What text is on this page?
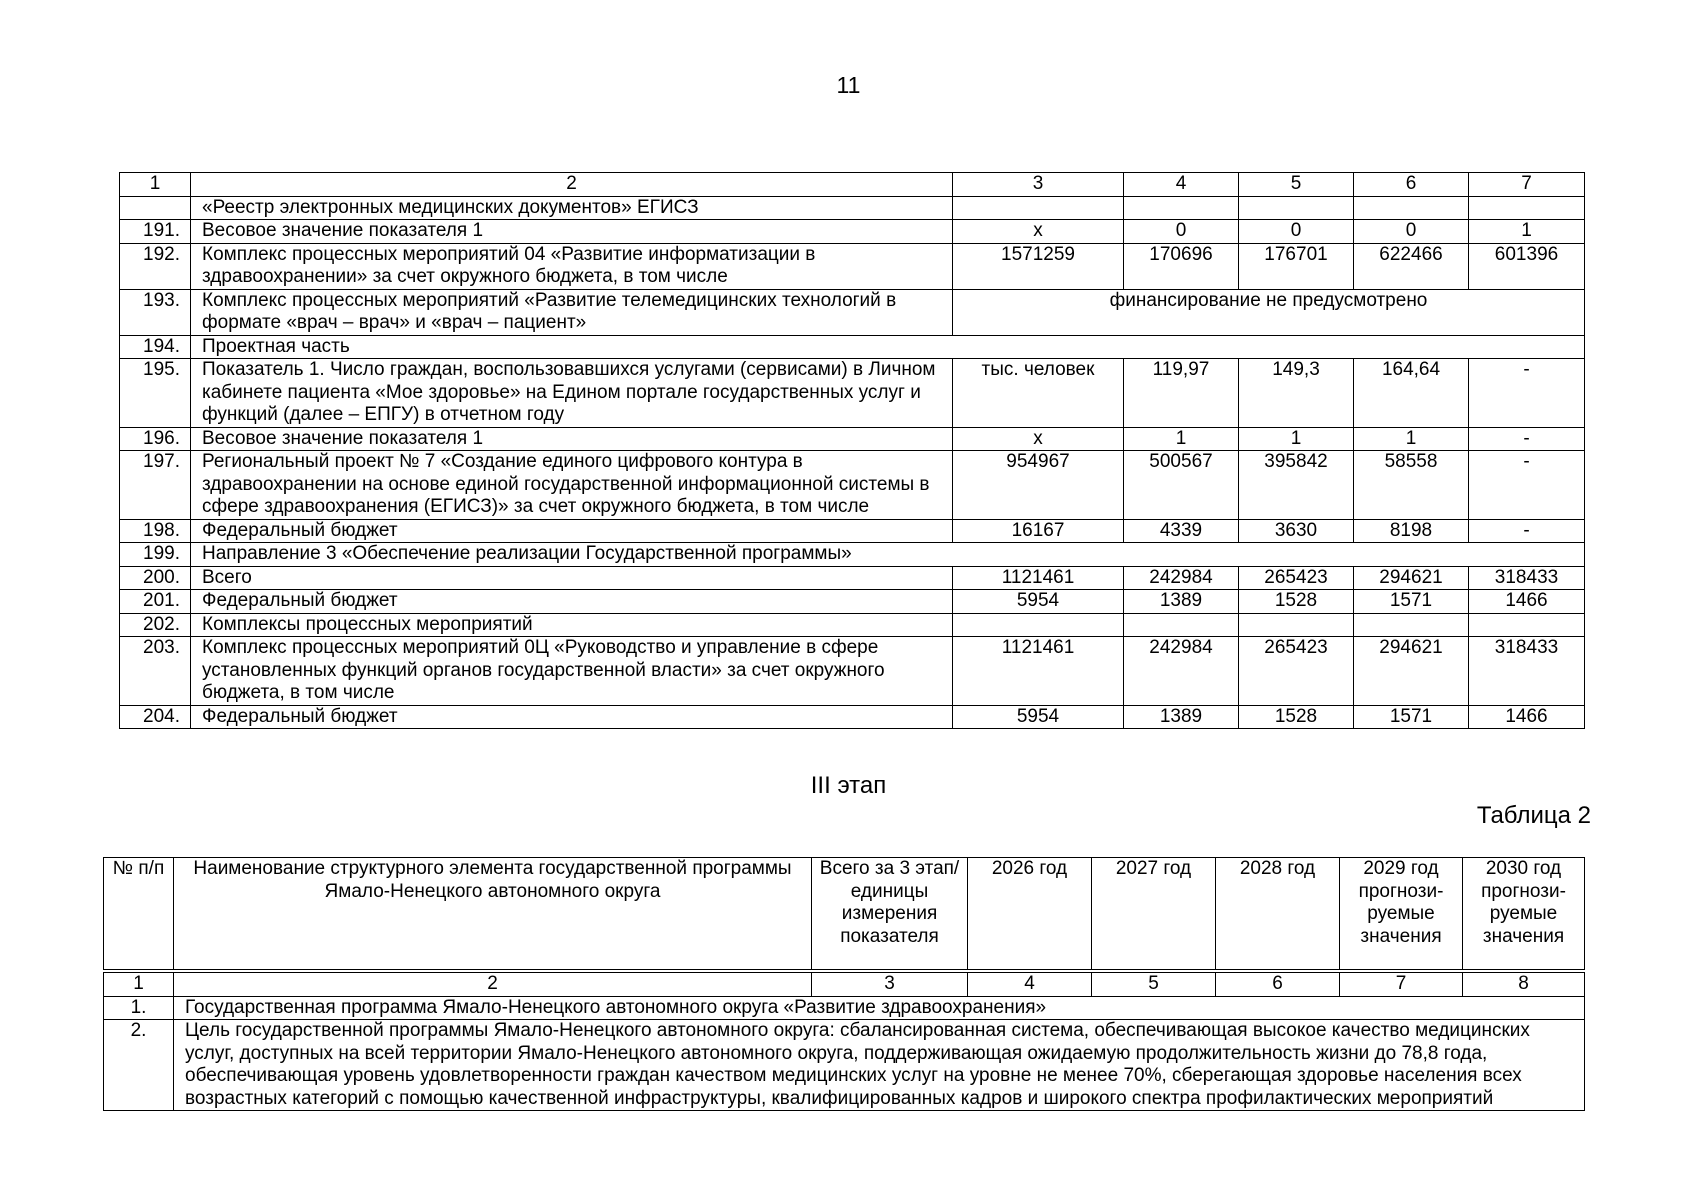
11
1	2	3	4	5	6	7
	«Реестр электронных медицинских документов» ЕГИСЗ					
191.	Весовое значение показателя 1	х	0	0	0	1
192.	Комплекс процессных мероприятий 04 «Развитие информатизации в здравоохранении» за счет окружного бюджета, в том числе	1571259	170696	176701	622466	601396
193.	Комплекс процессных мероприятий «Развитие телемедицинских технологий в формате «врач – врач» и «врач – пациент»	финансирование не предусмотрено				
194.	Проектная часть					
195.	Показатель 1. Число граждан, воспользовавшихся услугами (сервисами) в Личном кабинете пациента «Мое здоровье» на Едином портале государственных услуг и функций (далее – ЕПГУ) в отчетном году	тыс. человек	119,97	149,3	164,64	-
196.	Весовое значение показателя 1	х	1	1	1	-
197.	Региональный проект № 7 «Создание единого цифрового контура в здравоохранении на основе единой государственной информационной системы в сфере здравоохранения (ЕГИСЗ)» за счет окружного бюджета, в том числе	954967	500567	395842	58558	-
198.	Федеральный бюджет	16167	4339	3630	8198	-
199.	Направление 3 «Обеспечение реализации Государственной программы»					
200.	Всего	1121461	242984	265423	294621	318433
201.	Федеральный бюджет	5954	1389	1528	1571	1466
202.	Комплексы процессных мероприятий					
203.	Комплекс процессных мероприятий 0Ц «Руководство и управление в сфере установленных функций органов государственной власти» за счет окружного бюджета, в том числе	1121461	242984	265423	294621	318433
204.	Федеральный бюджет	5954	1389	1528	1571	1466
III этап
Таблица 2
№ п/п	Наименование структурного элемента государственной программы Ямало-Ненецкого автономного округа	Всего за 3 этап/ единицы измерения показателя	2026 год	2027 год	2028 год	2029 год прогнози-руемые значения	2030 год прогнози-руемые значения
1	2	3	4	5	6	7	8
1.	Государственная программа Ямало-Ненецкого автономного округа «Развитие здравоохранения»						
2.	Цель государственной программы Ямало-Ненецкого автономного округа: сбалансированная система, обеспечивающая высокое качество медицинских услуг, доступных на всей территории Ямало-Ненецкого автономного округа, поддерживающая ожидаемую продолжительность жизни до 78,8 года, обеспечивающая уровень удовлетворенности граждан качеством медицинских услуг на уровне не менее 70%, сберегающая здоровье населения всех возрастных категорий с помощью качественной инфраструктуры, квалифицированных кадров и широкого спектра профилактических мероприятий						
